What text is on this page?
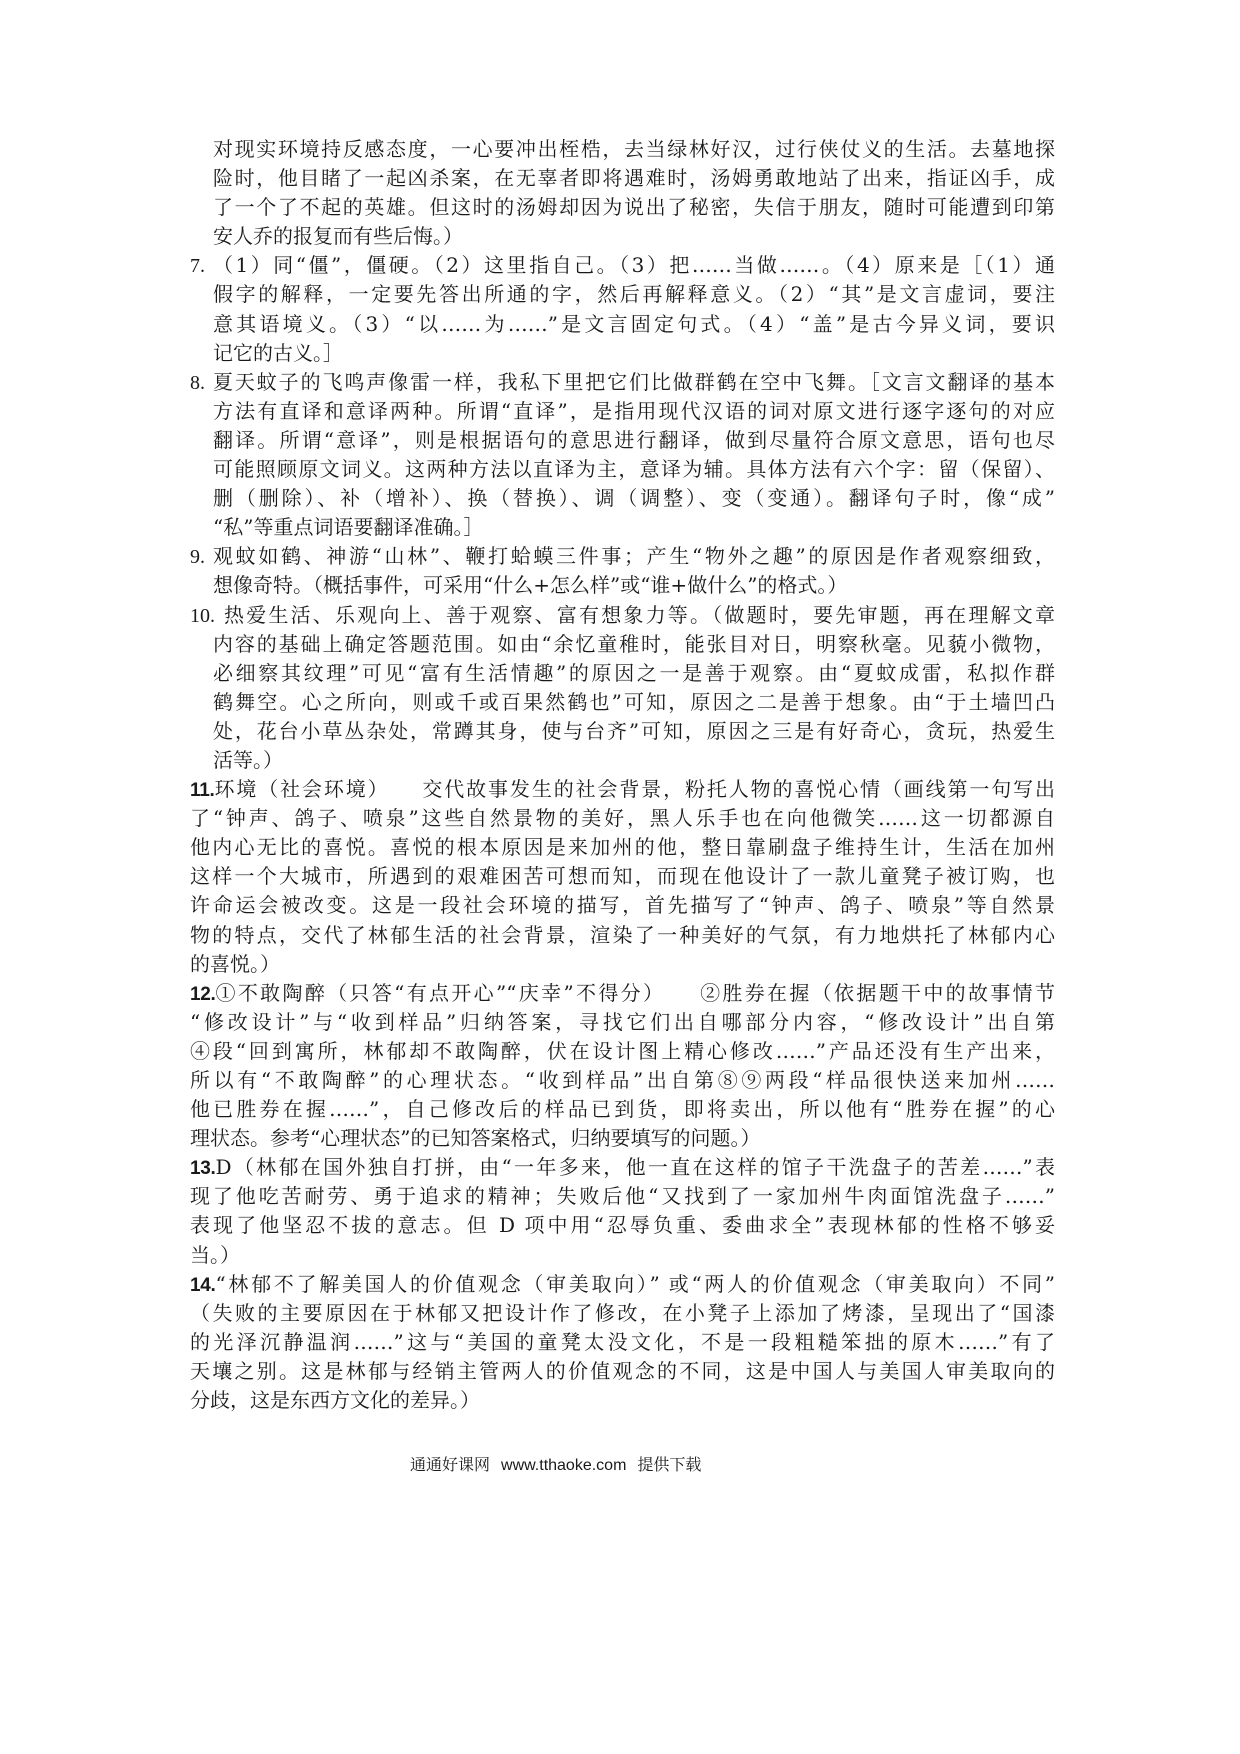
对现实环境持反感态度，一心要冲出桎梏，去当绿林好汉，过行侠仗义的生活。去墓地探
险时，他目睹了一起凶杀案，在无辜者即将遇难时，汤姆勇敢地站了出来，指证凶手，成
了一个了不起的英雄。但这时的汤姆却因为说出了秘密，失信于朋友，随时可能遭到印第
安人乔的报复而有些后悔。）
7. （1）同“僵”，僵硬。（2）这里指自己。（3）把……当做……。（4）原来是［（1）通
假字的解释，一定要先答出所通的字，然后再解释意义。（2）“其”是文言虚词，要注
意其语境义。（3）“以……为……”是文言固定句式。（4）“盖”是古今异义词，要识
记它的古义。］
8. 夏天蚊子的飞鸣声像雷一样，我私下里把它们比做群鹤在空中飞舞。［文言文翻译的基本
方法有直译和意译两种。所谓“直译”，是指用现代汉语的词对原文进行逐字逐句的对应
翻译。所谓“意译”，则是根据语句的意思进行翻译，做到尽量符合原文意思，语句也尽
可能照顾原文词义。这两种方法以直译为主，意译为辅。具体方法有六个字：留（保留）、
删（删除）、补（增补）、换（替换）、调（调整）、变（变通）。翻译句子时，像“成”
“私”等重点词语要翻译准确。］
9. 观蚊如鹤、神游“山林”、鞭打蛤蟆三件事；产生“物外之趣”的原因是作者观察细致，
想像奇特。（概括事件，可采用“什么+怎么样”或“谁+做什么”的格式。）
10. 热爱生活、乐观向上、善于观察、富有想象力等。（做题时，要先审题，再在理解文章
内容的基础上确定答题范围。如由“余忆童稚时，能张目对日，明察秋毫。见藐小微物，
必细察其纹理”可见“富有生活情趣”的原因之一是善于观察。由“夏蚊成雷，私拟作群
鹤舞空。心之所向，则或千或百果然鹤也”可知，原因之二是善于想象。由“于土墙凹凸
处，花台小草丛杂处，常蹲其身，使与台齐”可知，原因之三是有好奇心，贪玩，热爱生
活等。）
11. 环境（社会环境）    交代故事发生的社会背景，粉托人物的喜悦心情（画线第一句写出
了“钟声、鸽子、喷泉”这些自然景物的美好，黑人乐手也在向他微笑……这一切都源自
他内心无比的喜悦。喜悦的根本原因是来加州的他，整日靠刷盘子维持生计，生活在加州
这样一个大城市，所遇到的艰难困苦可想而知，而现在他设计了一款儿童凳子被订购，也
许命运会被改变。这是一段社会环境的描写，首先描写了“钟声、鸽子、喷泉”等自然景
物的特点，交代了林郁生活的社会背景，渲染了一种美好的气氛，有力地烘托了林郁内心
的喜悦。）
12. ①不敢陶醉（只答“有点开心”“庆幸”不得分）    ②胜券在握（依据题干中的故事情节
“修改设计”与“收到样品”归纳答案，寻找它们出自哪部分内容，“修改设计”出自第
④段“回到寓所，林郁却不敢陶醉，伏在设计图上精心修改……”产品还没有生产出来，
所以有“不敢陶醉”的心理状态。“收到样品”出自第⑧⑨两段“样品很快送来加州……
他已胜券在握……”，自己修改后的样品已到货，即将卖出，所以他有“胜券在握”的心
理状态。参考“心理状态”的已知答案格式，归纳要填写的问题。）
13. D（林郁在国外独自打拼，由“一年多来，他一直在这样的馆子干洗盘子的苦差……”表
现了他吃苦耐劳、勇于追求的精神；失败后他“又找到了一家加州牛肉面馆洗盘子……”
表现了他坚忍不拔的意志。但 D 项中用“忍辱负重、委曲求全”表现林郁的性格不够妥
当。）
14. “林郁不了解美国人的价值观念（审美取向）” 或“两人的价值观念（审美取向）不同”
（失败的主要原因在于林郁又把设计作了修改，在小凳子上添加了烤漆，呈现出了“国漆
的光泽沉静温润……”这与“美国的童凳太没文化，不是一段粗糙笨拙的原木……”有了
天壤之别。这是林郁与经销主管两人的价值观念的不同，这是中国人与美国人审美取向的
分歧，这是东西方文化的差异。）
通通好课网 www.tthaoke.com 提供下载
